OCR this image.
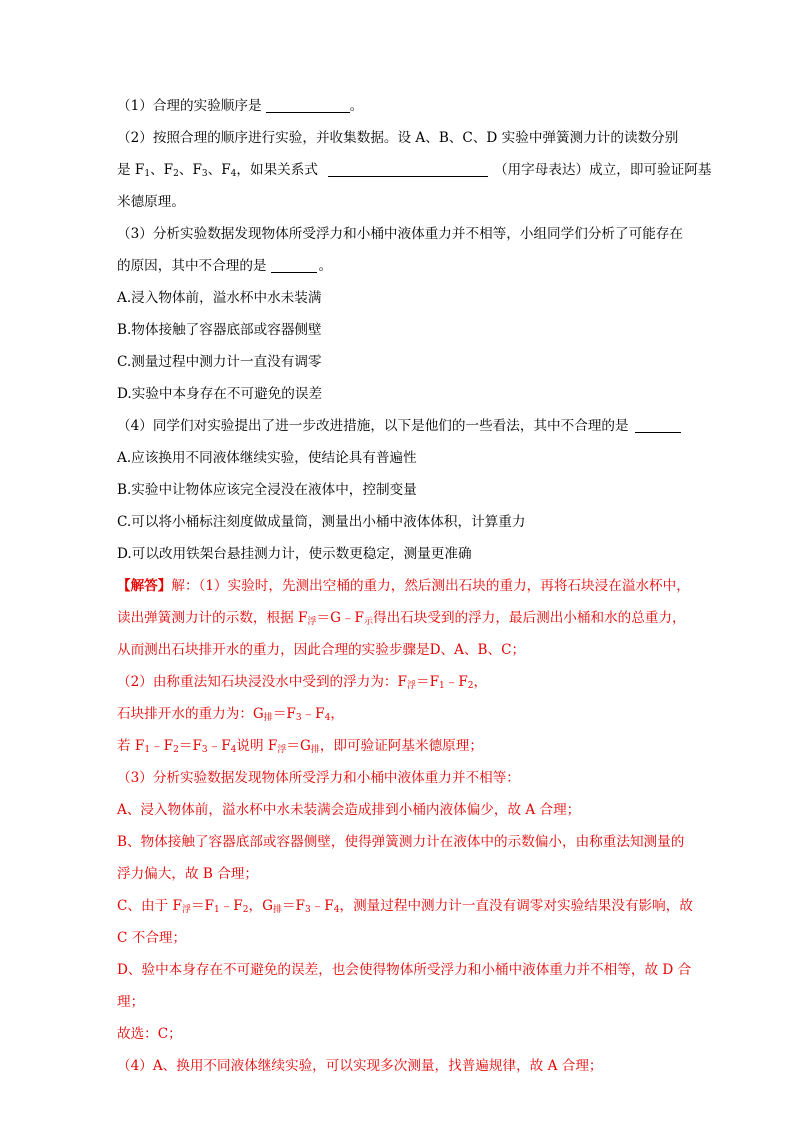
（1）合理的实验顺序是	。
（2）按照合理的顺序进行实验，并收集数据。设 A、B、C、D 实验中弹簧测力计的读数分别
是 $F_1$、$F_2$、$F_3$、$F_4$，如果关系式	（用字母表达）成立，即可验证阿基
米德原理。
（3）分析实验数据发现物体所受浮力和小桶中液体重力并不相等，小组同学们分析了可能存在
的原因，其中不合理的是	。
A.浸入物体前，溢水杯中水未装满
B.物体接触了容器底部或容器侧壁
C.测量过程中测力计一直没有调零
D.实验中本身存在不可避免的误差
（4）同学们对实验提出了进一步改进措施，以下是他们的一些看法，其中不合理的是
A.应该换用不同液体继续实验，使结论具有普遍性
B.实验中让物体应该完全浸没在液体中，控制变量
C.可以将小桶标注刻度做成量筒，测量出小桶中液体体积，计算重力
D.可以改用铁架台悬挂测力计，使示数更稳定，测量更准确
【解答】解：（1）实验时，先测出空桶的重力，然后测出石块的重力，再将石块浸在溢水杯中，
读出弹簧测力计的示数，根据 $F_浮=G﹣F_示$得出石块受到的浮力，最后测出小桶和水的总重力，
从而测出石块排开水的重力，因此合理的实验步骤是D、A、B、C；
（2）由称重法知石块浸没水中受到的浮力为：$F_浮=F_1﹣F_2$，
石块排开水的重力为：$G_排=F_3﹣F_4$，
若 $F_1﹣F_2=F_3﹣F_4$说明 $F_浮=G_排$，即可验证阿基米德原理；
（3）分析实验数据发现物体所受浮力和小桶中液体重力并不相等：
A、浸入物体前，溢水杯中水未装满会造成排到小桶内液体偏少，故 A 合理；
B、物体接触了容器底部或容器侧壁，使得弹簧测力计在液体中的示数偏小，由称重法知测量的
浮力偏大，故 B 合理；
C、由于 $F_浮=F_1﹣F_2$，$G_排=F_3﹣F_4$，测量过程中测力计一直没有调零对实验结果没有影响，故
C 不合理；
D、验中本身存在不可避免的误差，也会使得物体所受浮力和小桶中液体重力并不相等，故 D 合
理；
故选：C；
（4）A、换用不同液体继续实验，可以实现多次测量，找普遍规律，故 A 合理；
